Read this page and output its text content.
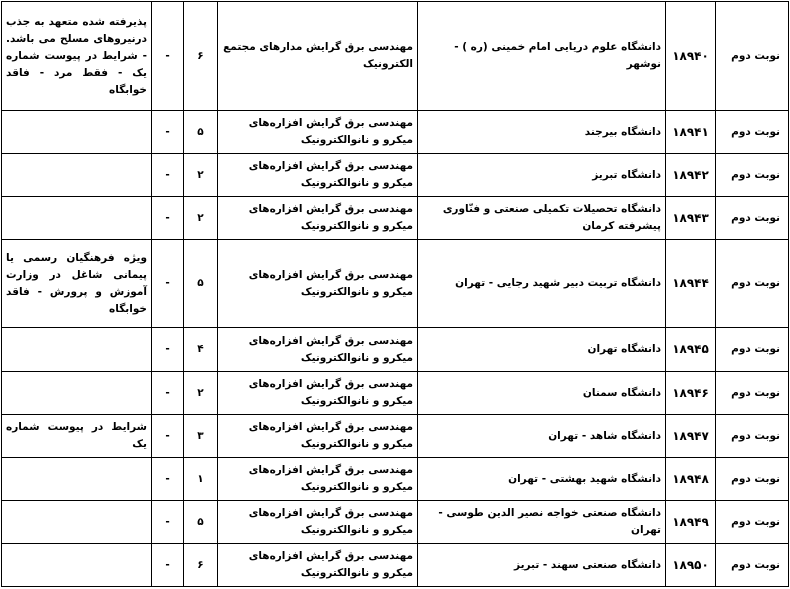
نوبت دوم	۱۸۹۴۰	دانشگاه علوم دریایی امام خمینی (ره ) - نوشهر	مهندسی برق گرایش مدارهای مجتمع الکترونیک	۶	-	پذیرفته شده متعهد به جذب درنیروهای مسلح می باشد. - شرایط در پیوست شماره یک - فقط مرد - فاقد خوابگاه
نوبت دوم	۱۸۹۴۱	دانشگاه بیرجند	مهندسی برق گرایش افزاره‌های میکرو و نانوالکترونیک	۵	-	
نوبت دوم	۱۸۹۴۲	دانشگاه تبریز	مهندسی برق گرایش افزاره‌های میکرو و نانوالکترونیک	۲	-	
نوبت دوم	۱۸۹۴۳	دانشگاه تحصیلات تکمیلی صنعتی و فنّاوری پیشرفته کرمان	مهندسی برق گرایش افزاره‌های میکرو و نانوالکترونیک	۲	-	
نوبت دوم	۱۸۹۴۴	دانشگاه تربیت دبیر شهید رجایی - تهران	مهندسی برق گرایش افزاره‌های میکرو و نانوالکترونیک	۵	-	ویژه فرهنگیان رسمی یا پیمانی شاغل در وزارت آموزش و پرورش - فاقد خوابگاه
نوبت دوم	۱۸۹۴۵	دانشگاه تهران	مهندسی برق گرایش افزاره‌های میکرو و نانوالکترونیک	۴	-	
نوبت دوم	۱۸۹۴۶	دانشگاه سمنان	مهندسی برق گرایش افزاره‌های میکرو و نانوالکترونیک	۲	-	
نوبت دوم	۱۸۹۴۷	دانشگاه شاهد - تهران	مهندسی برق گرایش افزاره‌های میکرو و نانوالکترونیک	۳	-	شرایط در پیوست شماره یک
نوبت دوم	۱۸۹۴۸	دانشگاه شهید بهشتی - تهران	مهندسی برق گرایش افزاره‌های میکرو و نانوالکترونیک	۱	-	
نوبت دوم	۱۸۹۴۹	دانشگاه صنعتی خواجه نصیر الدین طوسی - تهران	مهندسی برق گرایش افزاره‌های میکرو و نانوالکترونیک	۵	-	
نوبت دوم	۱۸۹۵۰	دانشگاه صنعتی سهند - تبریز	مهندسی برق گرایش افزاره‌های میکرو و نانوالکترونیک	۶	-	
